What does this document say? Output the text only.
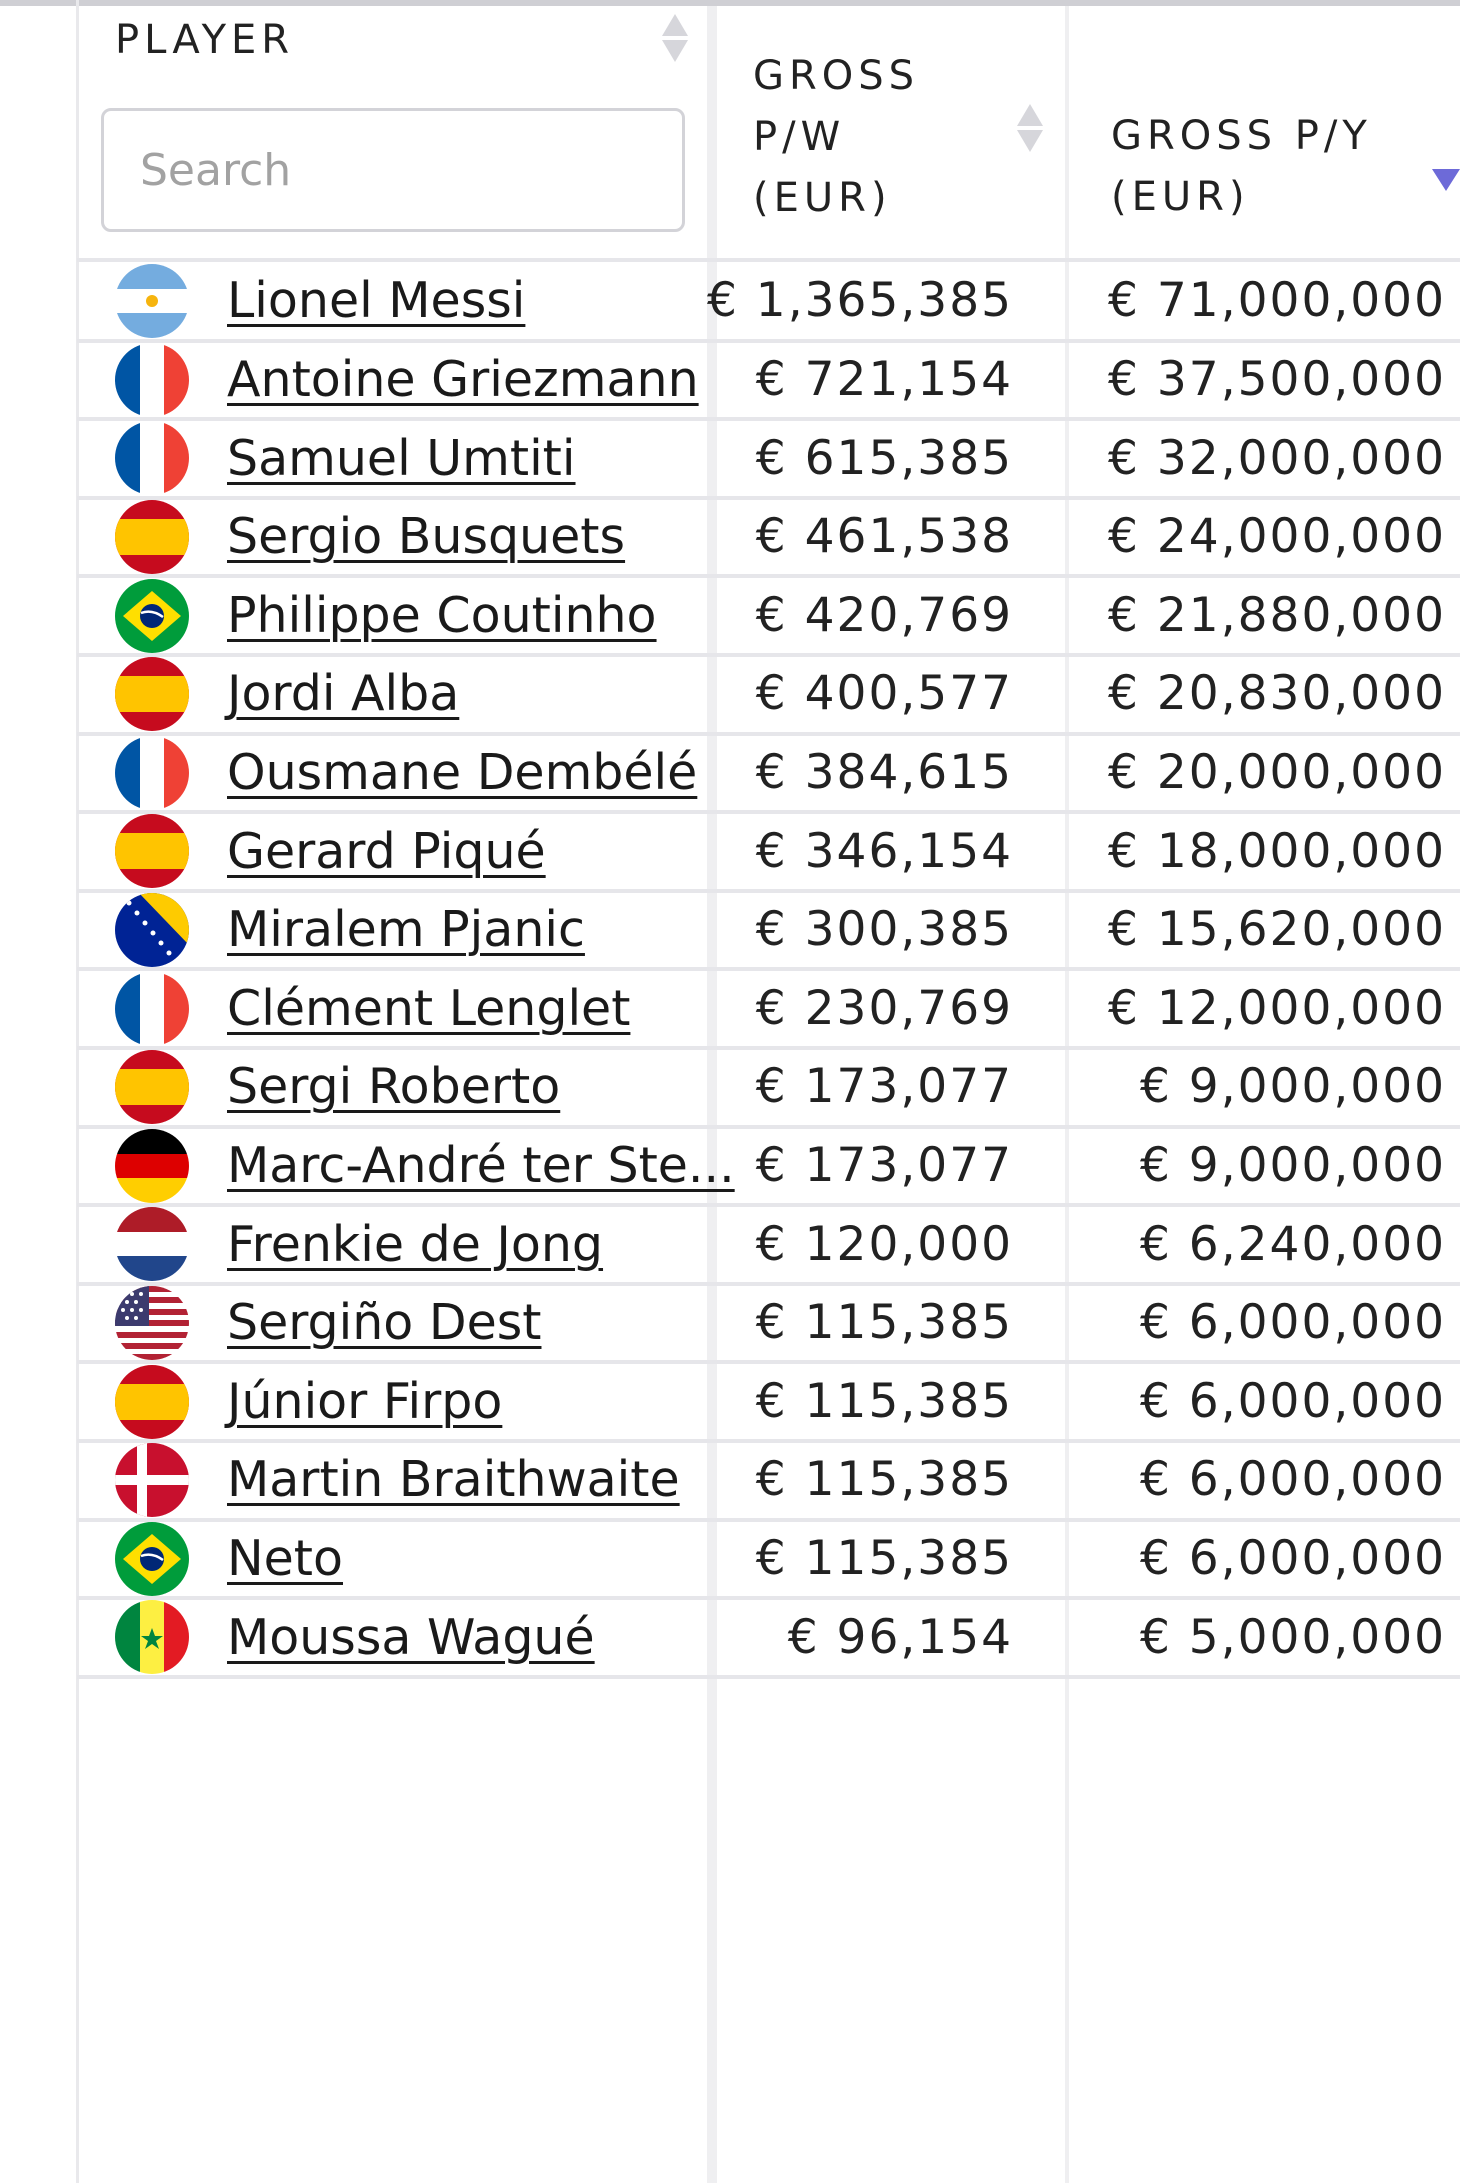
PLAYER
Search
GROSS P/W (EUR)
GROSS P/Y (EUR)
Lionel Messi	€ 1,365,385 € 71,000,000
Antoine Griezmann € 721,154 € 37,500,000
Samuel Umtiti	€ 615,385 € 32,000,000
Sergio Busquets	€ 461,538 € 24,000,000
Philippe Coutinho € 420,769 € 21,880,000
Jordi Alba	€ 400,577 € 20,830,000
Ousmane Dembélé € 384,615 € 20,000,000
Gerard Piqué	€ 346,154 € 18,000,000
Miralem Pjanic	€ 300,385 € 15,620,000
Clément Lenglet	€ 230,769 € 12,000,000
Sergi Roberto	€ 173,077	€ 9,000,000
Marc-André ter Ste... € 173,077	€ 9,000,000
Frenkie de Jong	€ 120,000	€ 6,240,000
Sergiño Dest	€ 115,385	€ 6,000,000
Júnior Firpo	€ 115,385	€ 6,000,000
Martin Braithwaite € 115,385	€ 6,000,000
Neto	€ 115,385	€ 6,000,000
Moussa Wagué	€ 96,154	€ 5,000,000
